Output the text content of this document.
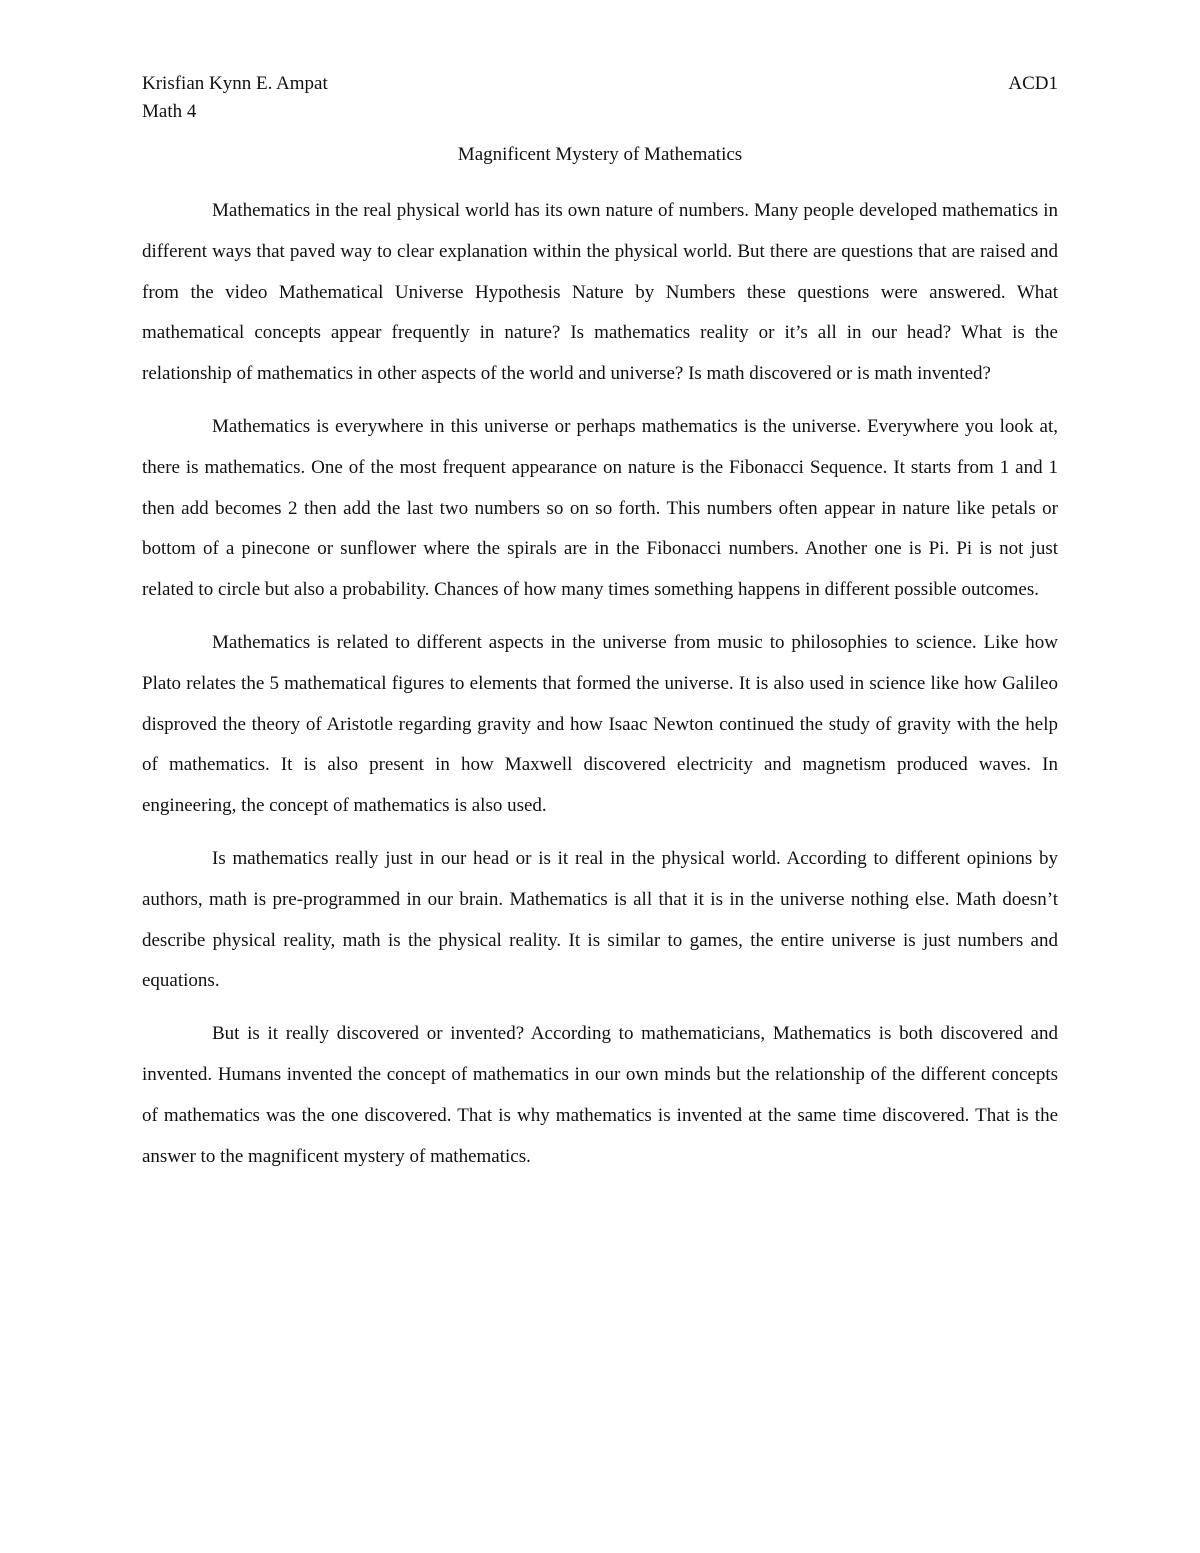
Krisfian Kynn E. Ampat	ACD1
Math 4
Magnificent Mystery of Mathematics

Mathematics in the real physical world has its own nature of numbers. Many people developed mathematics in different ways that paved way to clear explanation within the physical world. But there are questions that are raised and from the video Mathematical Universe Hypothesis Nature by Numbers these questions were answered. What mathematical concepts appear frequently in nature? Is mathematics reality or it’s all in our head? What is the relationship of mathematics in other aspects of the world and universe? Is math discovered or is math invented?

Mathematics is everywhere in this universe or perhaps mathematics is the universe. Everywhere you look at, there is mathematics. One of the most frequent appearance on nature is the Fibonacci Sequence. It starts from 1 and 1 then add becomes 2 then add the last two numbers so on so forth. This numbers often appear in nature like petals or bottom of a pinecone or sunflower where the spirals are in the Fibonacci numbers. Another one is Pi. Pi is not just related to circle but also a probability. Chances of how many times something happens in different possible outcomes.

Mathematics is related to different aspects in the universe from music to philosophies to science. Like how Plato relates the 5 mathematical figures to elements that formed the universe. It is also used in science like how Galileo disproved the theory of Aristotle regarding gravity and how Isaac Newton continued the study of gravity with the help of mathematics. It is also present in how Maxwell discovered electricity and magnetism produced waves. In engineering, the concept of mathematics is also used.

Is mathematics really just in our head or is it real in the physical world. According to different opinions by authors, math is pre-programmed in our brain. Mathematics is all that it is in the universe nothing else. Math doesn’t describe physical reality, math is the physical reality. It is similar to games, the entire universe is just numbers and equations.

But is it really discovered or invented? According to mathematicians, Mathematics is both discovered and invented. Humans invented the concept of mathematics in our own minds but the relationship of the different concepts of mathematics was the one discovered. That is why mathematics is invented at the same time discovered. That is the answer to the magnificent mystery of mathematics.
